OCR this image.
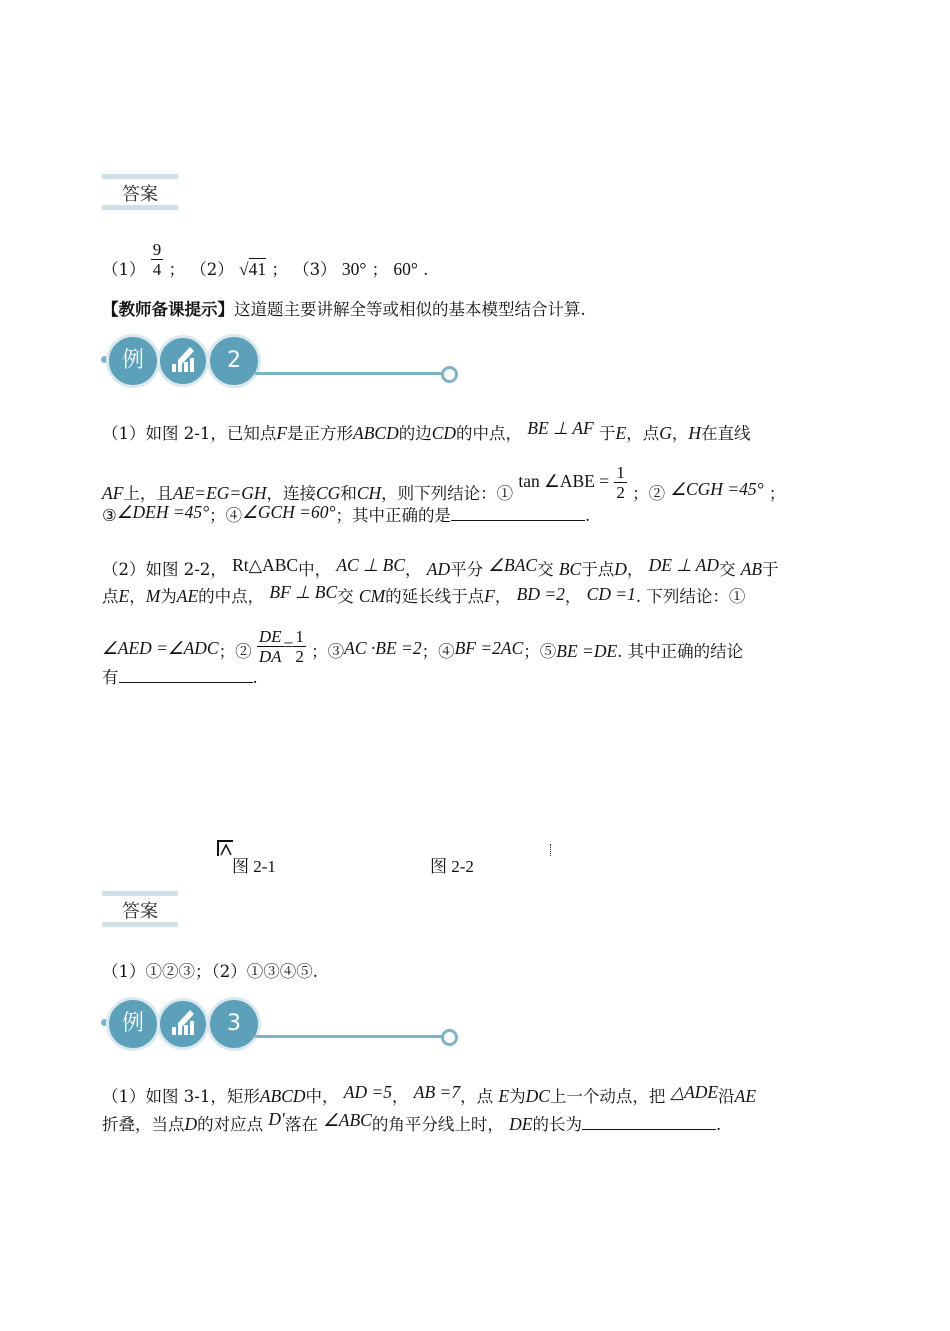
答案
$(1) \frac{9}{4}$ ； （2） √41 ； （3） 30° ； 60° .
【教师备课提示】这道题主要讲解全等或相似的基本模型结合计算.
例	2
（1）如图 2-1，已知点F是正方形ABCD的边CD的中点， BE ⊥ AF 于E，点G，H在直线
AF上，且AE=EG=GH，连接CG和CH，则下列结论：① tan ∠ABE = $\frac{1}{2}$ ；② ∠CGH =45° ；
③∠DEH =45°；④∠GCH =60°；其中正确的是	.
（2）如图 2-2， Rt△ABC中， AC ⊥ BC， AD平分 ∠BAC交 BC于点D， DE ⊥ AD交 AB于
点E，M为AE的中点， BF ⊥ BC交 CM的延长线于点F， BD =2， CD =1. 下列结论：①
∠AED =∠ADC；② $\frac{DE}{DA} = \frac{1}{2}$ ；③AC ·BE =2；④BF =2AC；⑤BE =DE. 其中正确的结论
有	.
图 2-1	图 2-2
答案
（1）①②③；（2）①③④⑤.
例	3
（1）如图 3-1，矩形ABCD中， AD =5， AB =7，点 E为DC上一个动点，把 △ADE沿AE
折叠，当点D的对应点 D′落在 ∠ABC的角平分线上时， DE的长为	.
